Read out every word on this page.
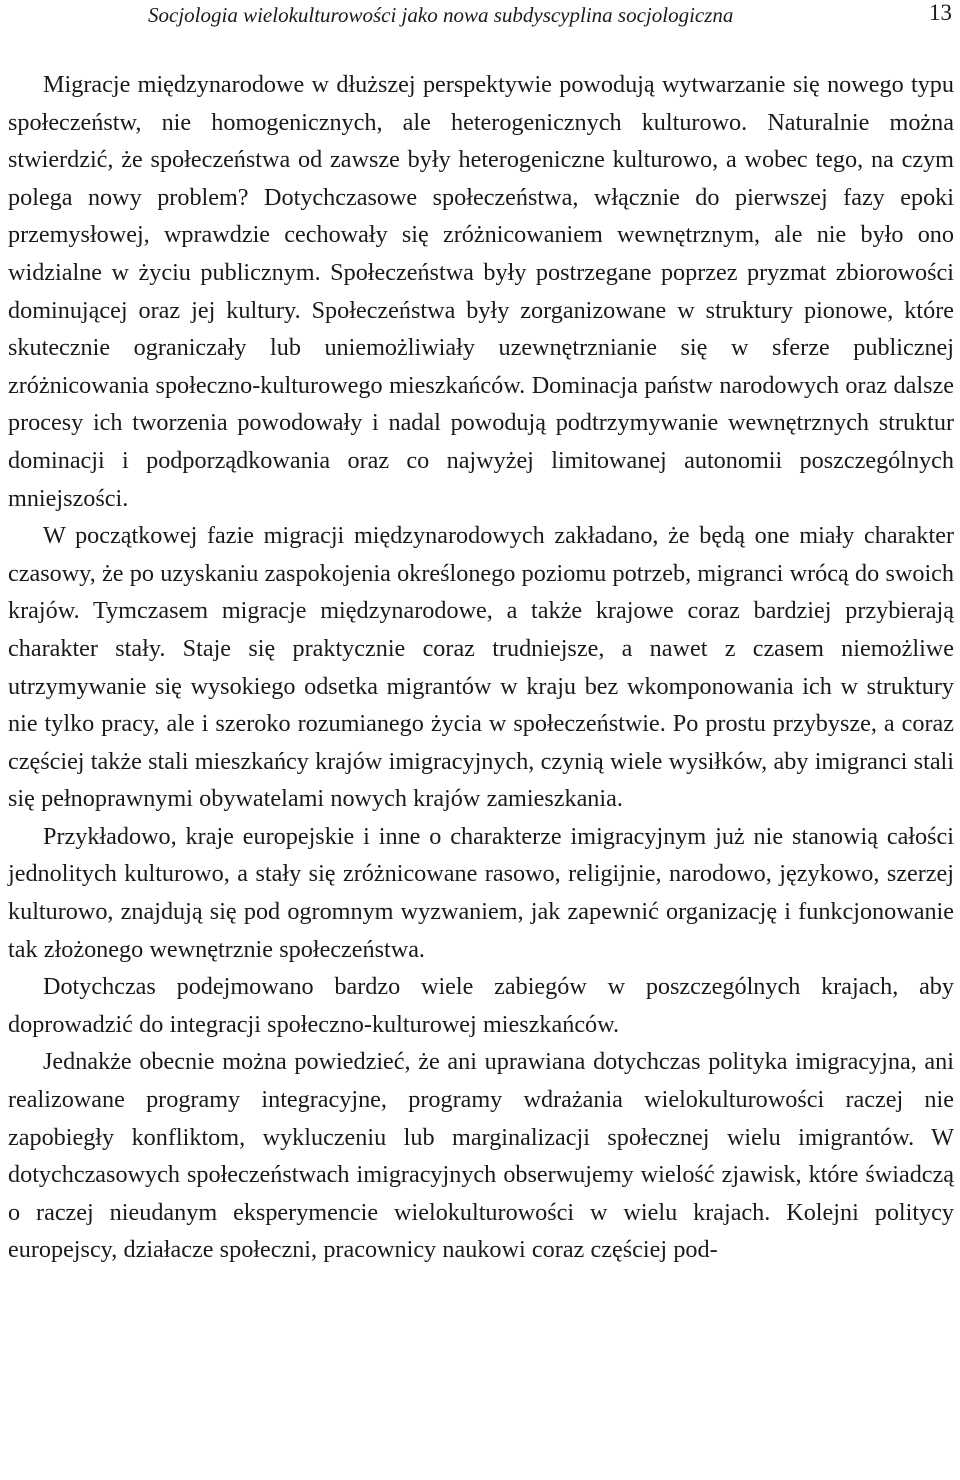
Socjologia wielokulturowości jako nowa subdyscyplina socjologiczna	13

Migracje międzynarodowe w dłuższej perspektywie powodują wytwarzanie się nowego typu społeczeństw, nie homogenicznych, ale heterogenicznych kulturowo. Naturalnie można stwierdzić, że społeczeństwa od zawsze były heterogeniczne kulturowo, a wobec tego, na czym polega nowy problem? Dotychczasowe społeczeństwa, włącznie do pierwszej fazy epoki przemysłowej, wprawdzie cechowały się zróżnicowaniem wewnętrznym, ale nie było ono widzialne w życiu publicznym. Społeczeństwa były postrzegane poprzez pryzmat zbiorowości dominującej oraz jej kultury. Społeczeństwa były zorganizowane w struktury pionowe, które skutecznie ograniczały lub uniemożliwiały uzewnętrznianie się w sferze publicznej zróżnicowania społeczno-kulturowego mieszkańców. Dominacja państw narodowych oraz dalsze procesy ich tworzenia powodowały i nadal powodują podtrzymywanie wewnętrznych struktur dominacji i podporządkowania oraz co najwyżej limitowanej autonomii poszczególnych mniejszości.

W początkowej fazie migracji międzynarodowych zakładano, że będą one miały charakter czasowy, że po uzyskaniu zaspokojenia określonego poziomu potrzeb, migranci wrócą do swoich krajów. Tymczasem migracje międzynarodowe, a także krajowe coraz bardziej przybierają charakter stały. Staje się praktycznie coraz trudniejsze, a nawet z czasem niemożliwe utrzymywanie się wysokiego odsetka migrantów w kraju bez wkomponowania ich w struktury nie tylko pracy, ale i szeroko rozumianego życia w społeczeństwie. Po prostu przybysze, a coraz częściej także stali mieszkańcy krajów imigracyjnych, czynią wiele wysiłków, aby imigranci stali się pełnoprawnymi obywatelami nowych krajów zamieszkania.

Przykładowo, kraje europejskie i inne o charakterze imigracyjnym już nie stanowią całości jednolitych kulturowo, a stały się zróżnicowane rasowo, religijnie, narodowo, językowo, szerzej kulturowo, znajdują się pod ogromnym wyzwaniem, jak zapewnić organizację i funkcjonowanie tak złożonego wewnętrznie społeczeństwa.

Dotychczas podejmowano bardzo wiele zabiegów w poszczególnych krajach, aby doprowadzić do integracji społeczno-kulturowej mieszkańców.

Jednakże obecnie można powiedzieć, że ani uprawiana dotychczas polityka imigracyjna, ani realizowane programy integracyjne, programy wdrażania wielokulturowości raczej nie zapobiegły konfliktom, wykluczeniu lub marginalizacji społecznej wielu imigrantów. W dotychczasowych społeczeństwach imigracyjnych obserwujemy wielość zjawisk, które świadczą o raczej nieudanym eksperymencie wielokulturowości w wielu krajach. Kolejni politycy europejscy, działacze społeczni, pracownicy naukowi coraz częściej pod-
